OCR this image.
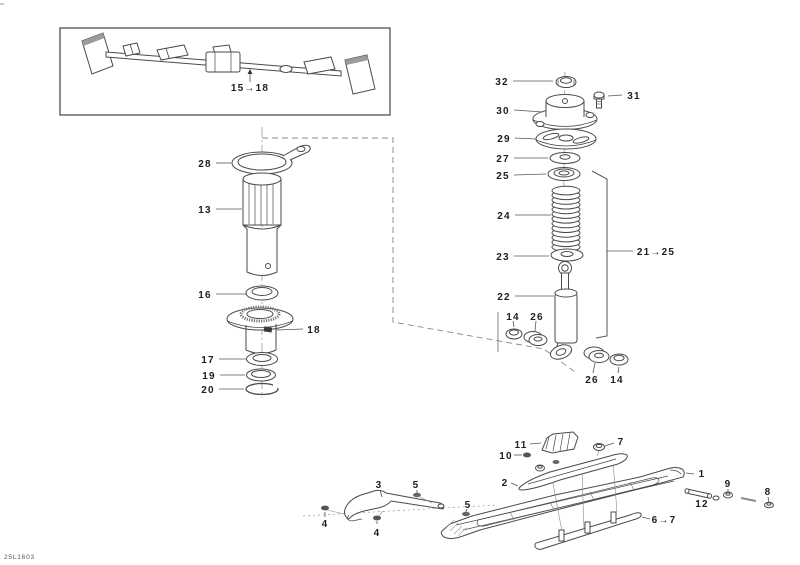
15→18
28
13
16
18
17
19
20
32
30
31
29
27
25
24
23
22
21→25
14 26
26 14
11
10
7
2
3	5
5
4
4
1
12
9
8
6→7
25L1603
